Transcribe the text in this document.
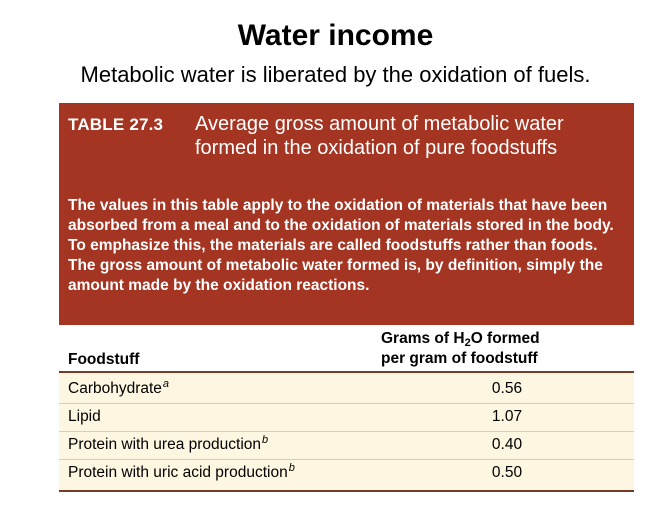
Water income
Metabolic water is liberated by the oxidation of fuels.
TABLE 27.3 Average gross amount of metabolic water formed in the oxidation of pure foodstuffs
The values in this table apply to the oxidation of materials that have been absorbed from a meal and to the oxidation of materials stored in the body. To emphasize this, the materials are called foodstuffs rather than foods. The gross amount of metabolic water formed is, by definition, simply the amount made by the oxidation reactions.
Foodstuff
Grams of $H_2O$ formed
per gram of foodstuff
Carbohydrate$^a$	0.56
Lipid	1.07
Protein with urea production$^b$	0.40
Protein with uric acid production$^b$	0.50
